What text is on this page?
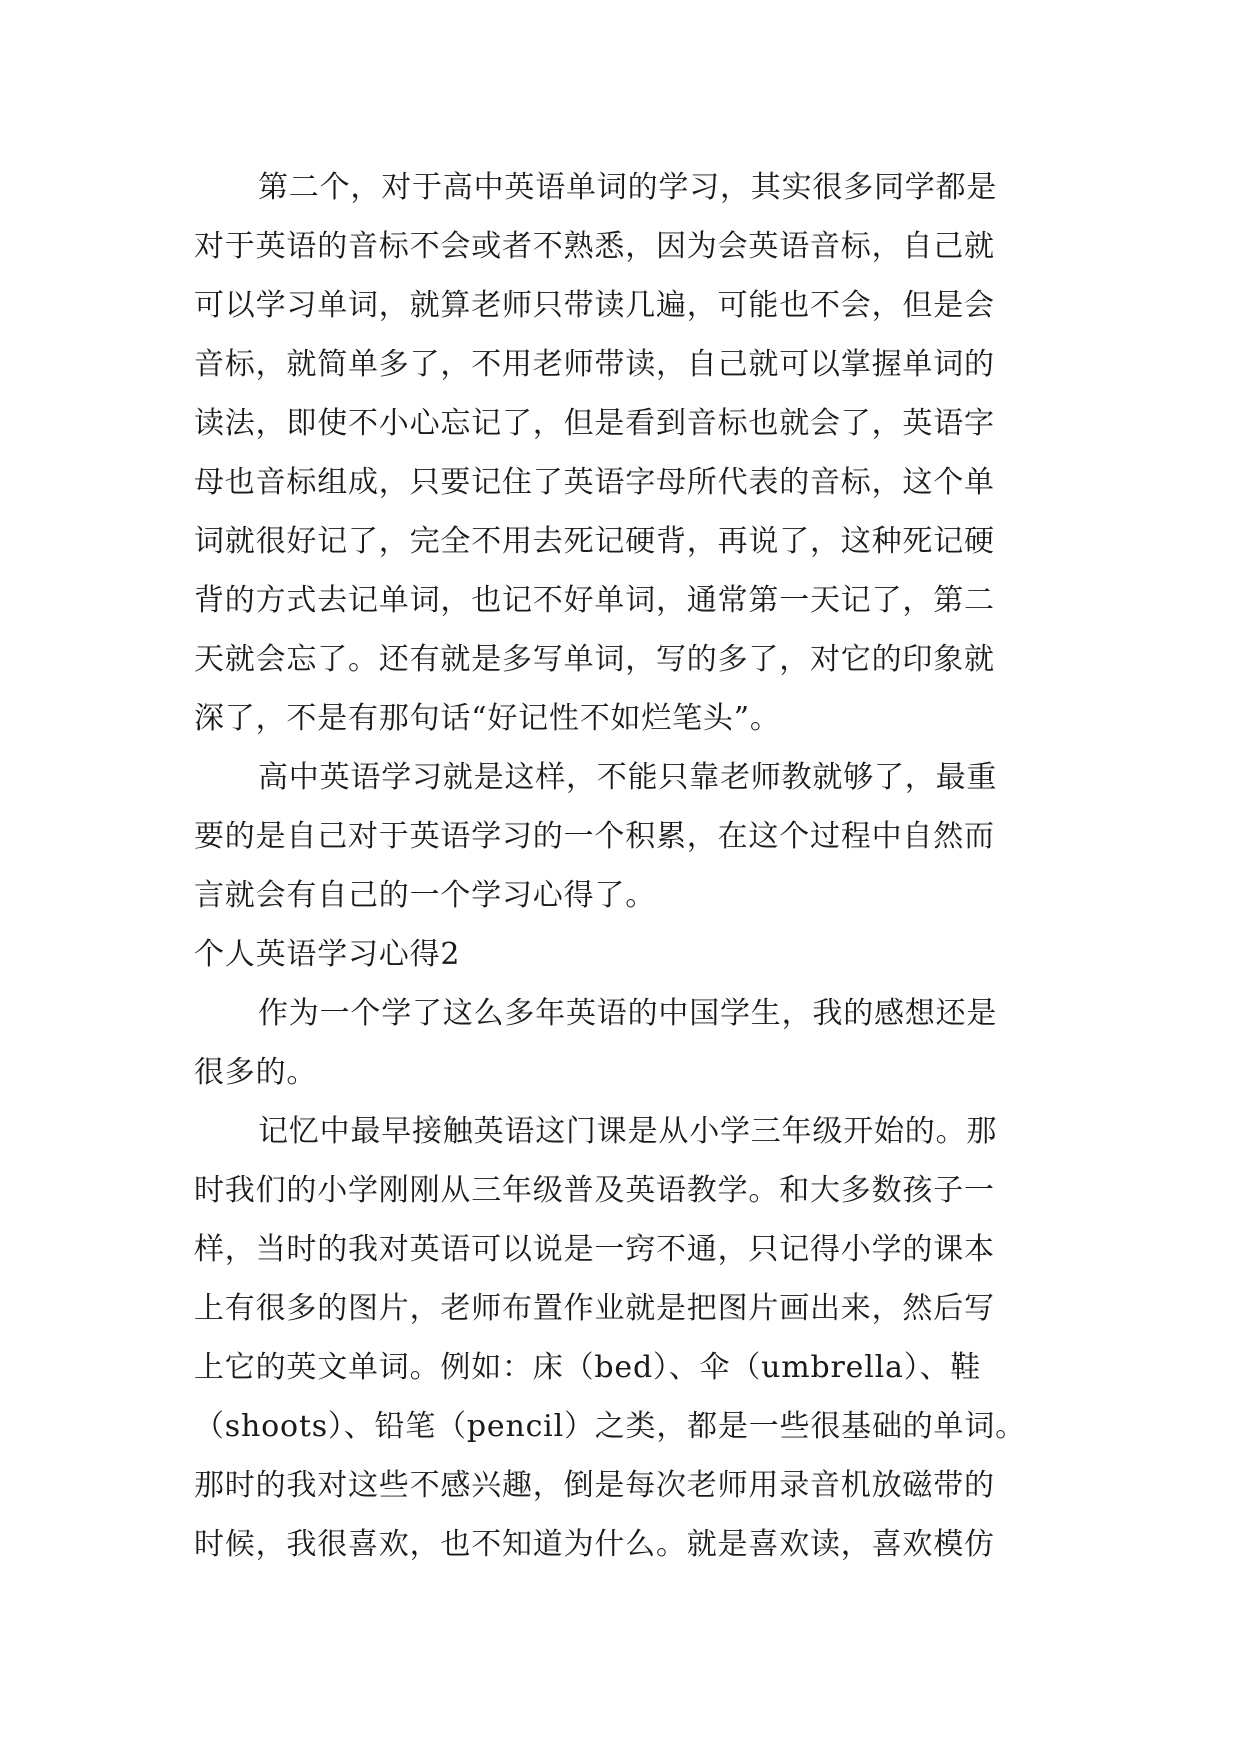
第二个，对于高中英语单词的学习，其实很多同学都是
对于英语的音标不会或者不熟悉，因为会英语音标，自己就
可以学习单词，就算老师只带读几遍，可能也不会，但是会
音标，就简单多了，不用老师带读，自己就可以掌握单词的
读法，即使不小心忘记了，但是看到音标也就会了，英语字
母也音标组成，只要记住了英语字母所代表的音标，这个单
词就很好记了，完全不用去死记硬背，再说了，这种死记硬
背的方式去记单词，也记不好单词，通常第一天记了，第二
天就会忘了。还有就是多写单词，写的多了，对它的印象就
深了，不是有那句话“好记性不如烂笔头”。
高中英语学习就是这样，不能只靠老师教就够了，最重
要的是自己对于英语学习的一个积累，在这个过程中自然而
言就会有自己的一个学习心得了。
个人英语学习心得2
作为一个学了这么多年英语的中国学生，我的感想还是
很多的。
记忆中最早接触英语这门课是从小学三年级开始的。那
时我们的小学刚刚从三年级普及英语教学。和大多数孩子一
样，当时的我对英语可以说是一窍不通，只记得小学的课本
上有很多的图片，老师布置作业就是把图片画出来，然后写
上它的英文单词。例如：床（bed）、伞（umbrella）、鞋
（shoots）、铅笔（pencil）之类，都是一些很基础的单词。
那时的我对这些不感兴趣，倒是每次老师用录音机放磁带的
时候，我很喜欢，也不知道为什么。就是喜欢读，喜欢模仿
